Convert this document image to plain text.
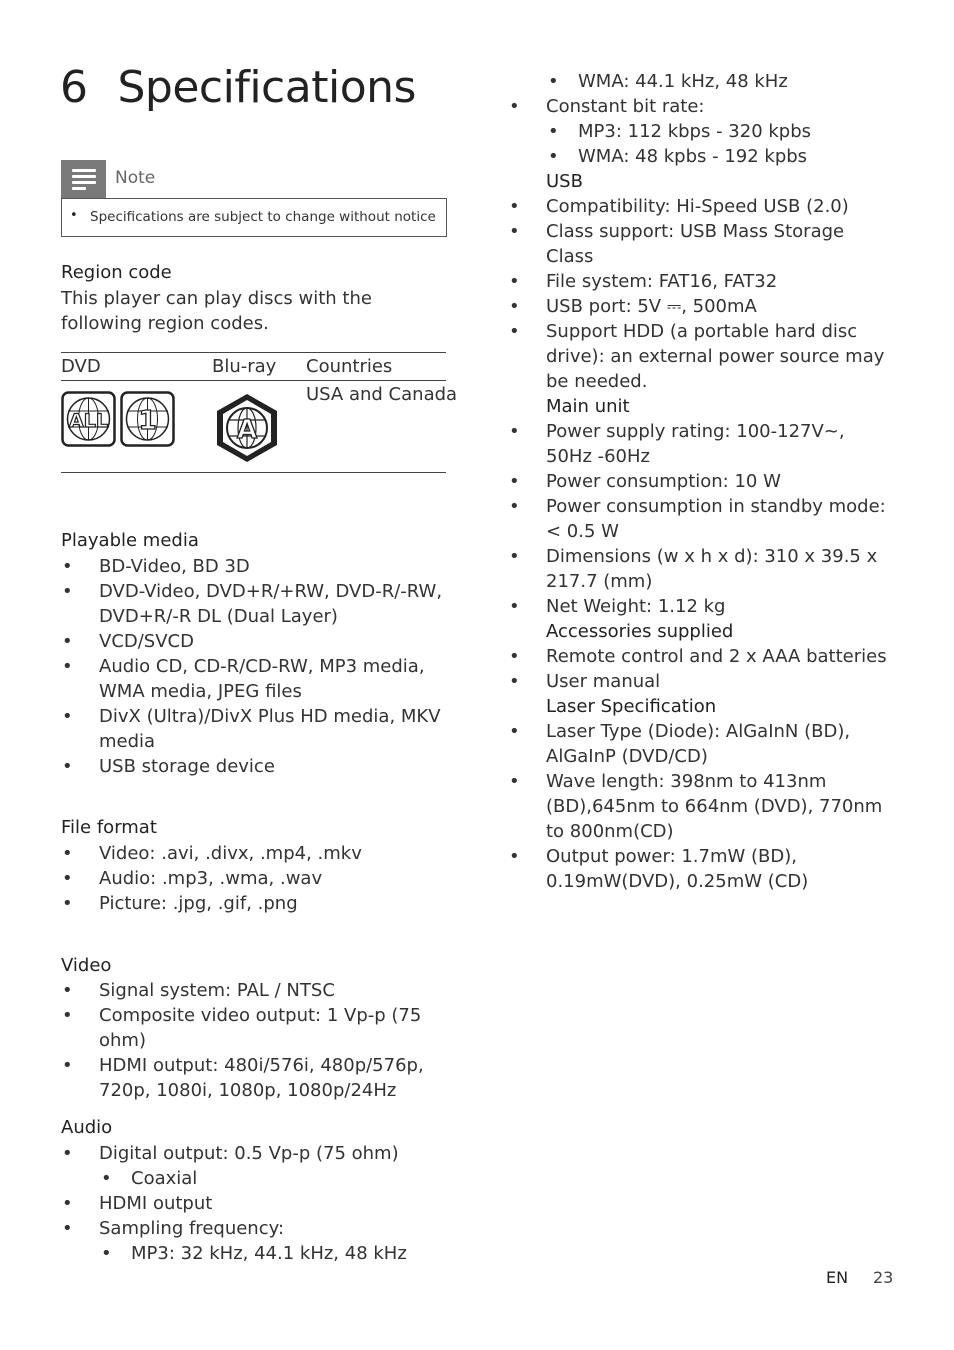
6 Specifications
Note
• Specifications are subject to change without notice
Region code
This player can play discs with the following region codes.
DVD	Blu-ray Countries
ALL 1	A
USA and Canada
Playable media
• BD-Video, BD 3D
• DVD-Video, DVD+R/+RW, DVD-R/-RW, DVD+R/-R DL (Dual Layer)
• VCD/SVCD
• Audio CD, CD-R/CD-RW, MP3 media, WMA media, JPEG files
• DivX (Ultra)/DivX Plus HD media, MKV media
• USB storage device
File format
• Video: .avi, .divx, .mp4, .mkv
• Audio: .mp3, .wma, .wav
• Picture: .jpg, .gif, .png
Video
• Signal system: PAL / NTSC
• Composite video output: 1 Vp-p (75 ohm)
• HDMI output: 480i/576i, 480p/576p, 720p, 1080i, 1080p, 1080p/24Hz
Audio
• Digital output: 0.5 Vp-p (75 ohm)
• Coaxial
• HDMI output
• Sampling frequency:
• MP3: 32 kHz, 44.1 kHz, 48 kHz
• WMA: 44.1 kHz, 48 kHz
• Constant bit rate:
• MP3: 112 kbps - 320 kpbs
• WMA: 48 kpbs - 192 kpbs
USB
• Compatibility: Hi-Speed USB (2.0)
• Class support: USB Mass Storage Class
• File system: FAT16, FAT32
• USB port: 5V ⎓, 500mA
• Support HDD (a portable hard disc drive): an external power source may be needed.
Main unit
• Power supply rating: 100-127V~, 50Hz -60Hz
• Power consumption: 10 W
• Power consumption in standby mode: < 0.5 W
• Dimensions (w x h x d): 310 x 39.5 x 217.7 (mm)
• Net Weight: 1.12 kg
Accessories supplied
• Remote control and 2 x AAA batteries
• User manual
Laser Specification
• Laser Type (Diode): AlGaInN (BD), AlGaInP (DVD/CD)
• Wave length: 398nm to 413nm (BD),645nm to 664nm (DVD), 770nm to 800nm(CD)
• Output power: 1.7mW (BD), 0.19mW(DVD), 0.25mW (CD)
EN 23
